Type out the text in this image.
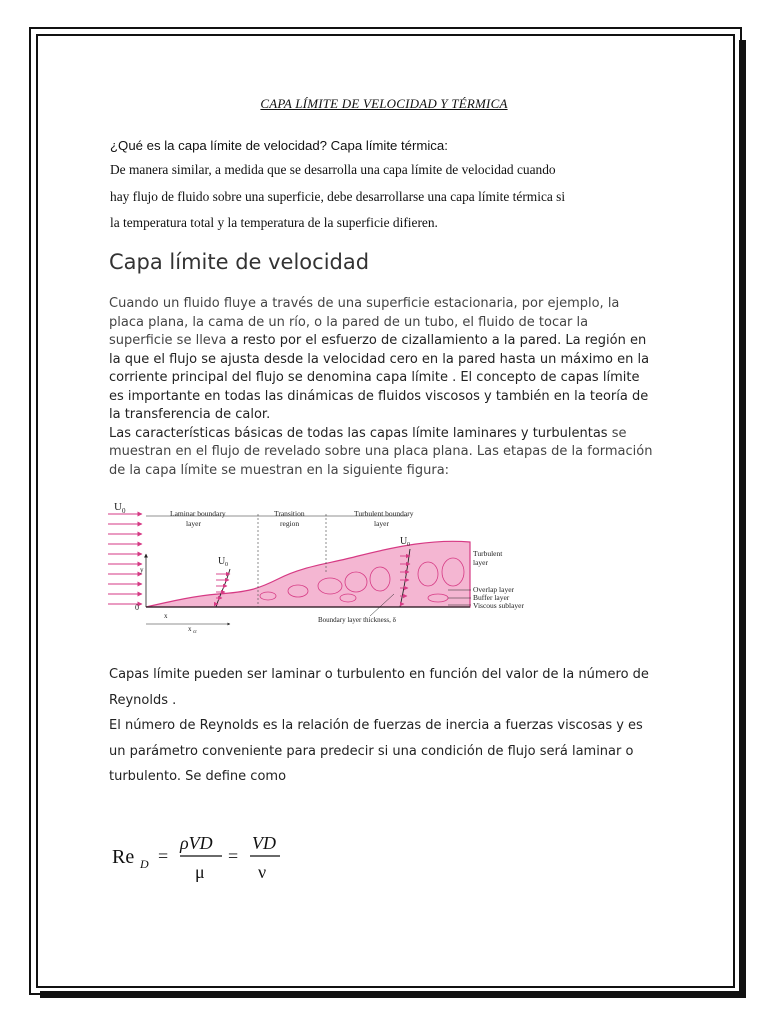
CAPA LÍMITE DE VELOCIDAD Y TÉRMICA
¿Qué es la capa límite de velocidad? Capa límite térmica:
De manera similar, a medida que se desarrolla una capa límite de velocidad cuando
hay flujo de fluido sobre una superficie, debe desarrollarse una capa límite térmica si
la temperatura total y la temperatura de la superficie difieren.
Capa límite de velocidad
Cuando un fluido fluye a través de una superficie estacionaria, por ejemplo, la
placa plana, la cama de un río, o la pared de un tubo, el fluido de tocar la
superficie se lleva a resto por el esfuerzo de cizallamiento a la pared. La región en
la que el flujo se ajusta desde la velocidad cero en la pared hasta un máximo en la
corriente principal del flujo se denomina capa límite . El concepto de capas límite
es importante en todas las dinámicas de fluidos viscosos y también en la teoría de
la transferencia de calor.
Las características básicas de todas las capas límite laminares y turbulentas se
muestran en el flujo de revelado sobre una placa plana. Las etapas de la formación
de la capa límite se muestran en la siguiente figura:
U 0
y
0
U 0
U 0
Laminar boundary
layer
Transition
region
Turbulent boundary
layer
Turbulent
layer
Overlap layer
Buffer layer
Viscous sublayer
x
x cr
Boundary layer thickness, δ
Capas límite pueden ser laminar o turbulento en función del valor de la número de
Reynolds .
El número de Reynolds es la relación de fuerzas de inercia a fuerzas viscosas y es
un parámetro conveniente para predecir si una condición de flujo será laminar o
turbulento. Se define como
Re D =
ρVD
μ
=
VD
ν
